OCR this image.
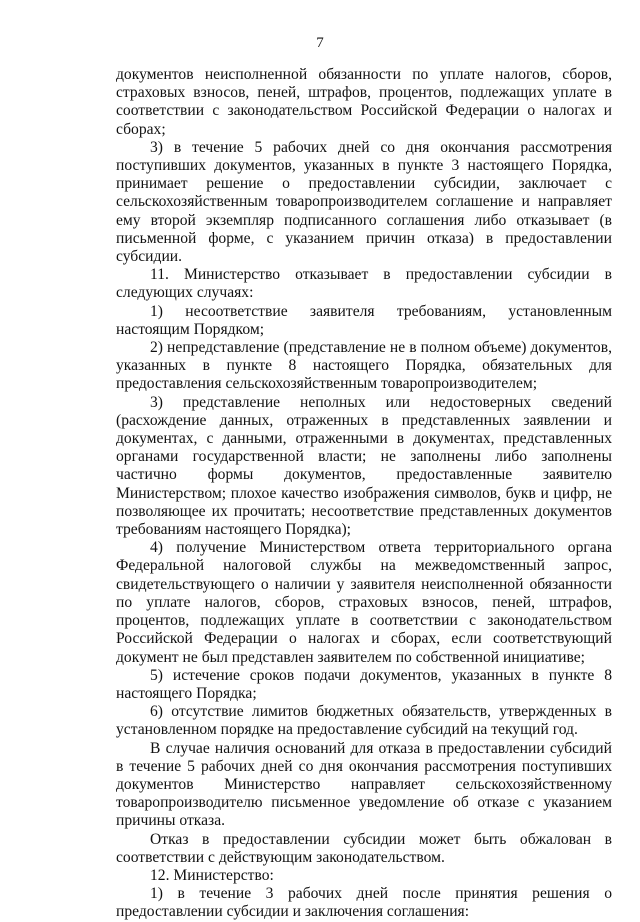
7

документов неисполненной обязанности по уплате налогов, сборов, страховых взносов, пеней, штрафов, процентов, подлежащих уплате в соответствии с законодательством Российской Федерации о налогах и сборах;

3) в течение 5 рабочих дней со дня окончания рассмотрения поступивших документов, указанных в пункте 3 настоящего Порядка, принимает решение о предоставлении субсидии, заключает с сельскохозяйственным товаропроизводителем соглашение и направляет ему второй экземпляр подписанного соглашения либо отказывает (в письменной форме, с указанием причин отказа) в предоставлении субсидии.

11. Министерство отказывает в предоставлении субсидии в следующих случаях:

1) несоответствие заявителя требованиям, установленным настоящим Порядком;

2) непредставление (представление не в полном объеме) документов, указанных в пункте 8 настоящего Порядка, обязательных для предоставления сельскохозяйственным товаропроизводителем;

3) представление неполных или недостоверных сведений (расхождение данных, отраженных в представленных заявлении и документах, с данными, отраженными в документах, представленных органами государственной власти; не заполнены либо заполнены частично формы документов, предоставленные заявителю Министерством; плохое качество изображения символов, букв и цифр, не позволяющее их прочитать; несоответствие представленных документов требованиям настоящего Порядка);

4) получение Министерством ответа территориального органа Федеральной налоговой службы на межведомственный запрос, свидетельствующего о наличии у заявителя неисполненной обязанности по уплате налогов, сборов, страховых взносов, пеней, штрафов, процентов, подлежащих уплате в соответствии с законодательством Российской Федерации о налогах и сборах, если соответствующий документ не был представлен заявителем по собственной инициативе;

5) истечение сроков подачи документов, указанных в пункте 8 настоящего Порядка;

6) отсутствие лимитов бюджетных обязательств, утвержденных в установленном порядке на предоставление субсидий на текущий год.

В случае наличия оснований для отказа в предоставлении субсидий в течение 5 рабочих дней со дня окончания рассмотрения поступивших документов Министерство направляет сельскохозяйственному товаропроизводителю письменное уведомление об отказе с указанием причины отказа.

Отказ в предоставлении субсидии может быть обжалован в соответствии с действующим законодательством.

12. Министерство:

1) в течение 3 рабочих дней после принятия решения о предоставлении субсидии и заключения соглашения:
